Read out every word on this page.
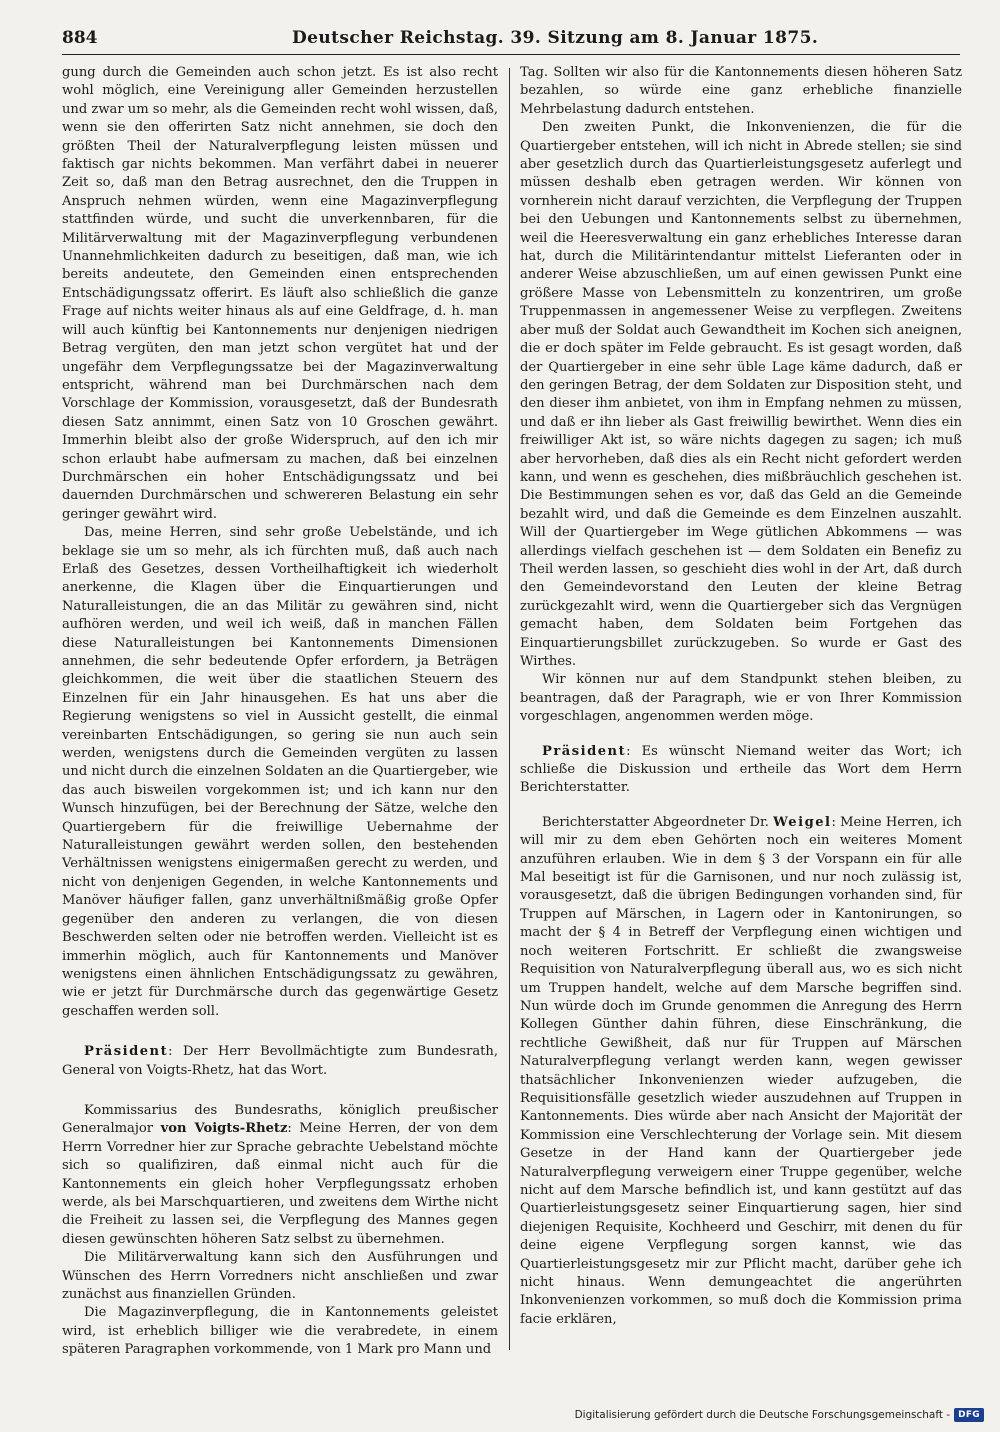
884	Deutscher Reichstag. 39. Sitzung am 8. Januar 1875.

gung durch die Gemeinden auch schon jetzt. Es ist also recht wohl möglich, eine Vereinigung aller Gemeinden herzustellen und zwar um so mehr, als die Gemeinden recht wohl wissen, daß, wenn sie den offerirten Satz nicht annehmen, sie doch den größten Theil der Naturalverpflegung leisten müssen und faktisch gar nichts bekommen. Man verfährt dabei in neuerer Zeit so, daß man den Betrag ausrechnet, den die Truppen in Anspruch nehmen würden, wenn eine Magazinverpflegung stattfinden würde, und sucht die unverkennbaren, für die Militärverwaltung mit der Magazinverpflegung verbundenen Unannehmlichkeiten dadurch zu beseitigen, daß man, wie ich bereits andeutete, den Gemeinden einen entsprechenden Entschädigungssatz offerirt. Es läuft also schließlich die ganze Frage auf nichts weiter hinaus als auf eine Geldfrage, d. h. man will auch künftig bei Kantonnements nur denjenigen niedrigen Betrag vergüten, den man jetzt schon vergütet hat und der ungefähr dem Verpflegungssatze bei der Magazinverwaltung entspricht, während man bei Durchmärschen nach dem Vorschlage der Kommission, vorausgesetzt, daß der Bundesrath diesen Satz annimmt, einen Satz von 10 Groschen gewährt. Immerhin bleibt also der große Widerspruch, auf den ich mir schon erlaubt habe aufmersam zu machen, daß bei einzelnen Durchmärschen ein hoher Entschädigungssatz und bei dauernden Durchmärschen und schwereren Belastung ein sehr geringer gewährt wird.

Das, meine Herren, sind sehr große Uebelstände, und ich beklage sie um so mehr, als ich fürchten muß, daß auch nach Erlaß des Gesetzes, dessen Vortheilhaftigkeit ich wiederholt anerkenne, die Klagen über die Einquartierungen und Naturalleistungen, die an das Militär zu gewähren sind, nicht aufhören werden, und weil ich weiß, daß in manchen Fällen diese Naturalleistungen bei Kantonnements Dimensionen annehmen, die sehr bedeutende Opfer erfordern, ja Beträgen gleichkommen, die weit über die staatlichen Steuern des Einzelnen für ein Jahr hinausgehen. Es hat uns aber die Regierung wenigstens so viel in Aussicht gestellt, die einmal vereinbarten Entschädigungen, so gering sie nun auch sein werden, wenigstens durch die Gemeinden vergüten zu lassen und nicht durch die einzelnen Soldaten an die Quartiergeber, wie das auch bisweilen vorgekommen ist; und ich kann nur den Wunsch hinzufügen, bei der Berechnung der Sätze, welche den Quartiergebern für die freiwillige Uebernahme der Naturalleistungen gewährt werden sollen, den bestehenden Verhältnissen wenigstens einigermaßen gerecht zu werden, und nicht von denjenigen Gegenden, in welche Kantonnements und Manöver häufiger fallen, ganz unverhältnißmäßig große Opfer gegenüber den anderen zu verlangen, die von diesen Beschwerden selten oder nie betroffen werden. Vielleicht ist es immerhin möglich, auch für Kantonnements und Manöver wenigstens einen ähnlichen Entschädigungssatz zu gewähren, wie er jetzt für Durchmärsche durch das gegenwärtige Gesetz geschaffen werden soll.

Präsident: Der Herr Bevollmächtigte zum Bundesrath, General von Voigts-Rhetz, hat das Wort.

Kommissarius des Bundesraths, königlich preußischer Generalmajor von Voigts-Rhetz: Meine Herren, der von dem Herrn Vorredner hier zur Sprache gebrachte Uebelstand möchte sich so qualifiziren, daß einmal nicht auch für die Kantonnements ein gleich hoher Verpflegungssatz erhoben werde, als bei Marschquartieren, und zweitens dem Wirthe nicht die Freiheit zu lassen sei, die Verpflegung des Mannes gegen diesen gewünschten höheren Satz selbst zu übernehmen.

Die Militärverwaltung kann sich den Ausführungen und Wünschen des Herrn Vorredners nicht anschließen und zwar zunächst aus finanziellen Gründen.

Die Magazinverpflegung, die in Kantonnements geleistet wird, ist erheblich billiger wie die verabredete, in einem späteren Paragraphen vorkommende, von 1 Mark pro Mann und

Tag. Sollten wir also für die Kantonnements diesen höheren Satz bezahlen, so würde eine ganz erhebliche finanzielle Mehrbelastung dadurch entstehen.

Den zweiten Punkt, die Inkonvenienzen, die für die Quartiergeber entstehen, will ich nicht in Abrede stellen; sie sind aber gesetzlich durch das Quartierleistungsgesetz auferlegt und müssen deshalb eben getragen werden. Wir können von vornherein nicht darauf verzichten, die Verpflegung der Truppen bei den Uebungen und Kantonnements selbst zu übernehmen, weil die Heeresverwaltung ein ganz erhebliches Interesse daran hat, durch die Militärintendantur mittelst Lieferanten oder in anderer Weise abzuschließen, um auf einen gewissen Punkt eine größere Masse von Lebensmitteln zu konzentriren, um große Truppenmassen in angemessener Weise zu verpflegen. Zweitens aber muß der Soldat auch Gewandtheit im Kochen sich aneignen, die er doch später im Felde gebraucht. Es ist gesagt worden, daß der Quartiergeber in eine sehr üble Lage käme dadurch, daß er den geringen Betrag, der dem Soldaten zur Disposition steht, und den dieser ihm anbietet, von ihm in Empfang nehmen zu müssen, und daß er ihn lieber als Gast freiwillig bewirthet. Wenn dies ein freiwilliger Akt ist, so wäre nichts dagegen zu sagen; ich muß aber hervorheben, daß dies als ein Recht nicht gefordert werden kann, und wenn es geschehen, dies mißbräuchlich geschehen ist. Die Bestimmungen sehen es vor, daß das Geld an die Gemeinde bezahlt wird, und daß die Gemeinde es dem Einzelnen auszahlt. Will der Quartiergeber im Wege gütlichen Abkommens — was allerdings vielfach geschehen ist — dem Soldaten ein Benefiz zu Theil werden lassen, so geschieht dies wohl in der Art, daß durch den Gemeindevorstand den Leuten der kleine Betrag zurückgezahlt wird, wenn die Quartiergeber sich das Vergnügen gemacht haben, dem Soldaten beim Fortgehen das Einquartierungsbillet zurückzugeben. So wurde er Gast des Wirthes.

Wir können nur auf dem Standpunkt stehen bleiben, zu beantragen, daß der Paragraph, wie er von Ihrer Kommission vorgeschlagen, angenommen werden möge.

Präsident: Es wünscht Niemand weiter das Wort; ich schließe die Diskussion und ertheile das Wort dem Herrn Berichterstatter.

Berichterstatter Abgeordneter Dr. Weigel: Meine Herren, ich will mir zu dem eben Gehörten noch ein weiteres Moment anzuführen erlauben. Wie in dem § 3 der Vorspann ein für alle Mal beseitigt ist für die Garnisonen, und nur noch zulässig ist, vorausgesetzt, daß die übrigen Bedingungen vorhanden sind, für Truppen auf Märschen, in Lagern oder in Kantonirungen, so macht der § 4 in Betreff der Verpflegung einen wichtigen und noch weiteren Fortschritt. Er schließt die zwangsweise Requisition von Naturalverpflegung überall aus, wo es sich nicht um Truppen handelt, welche auf dem Marsche begriffen sind. Nun würde doch im Grunde genommen die Anregung des Herrn Kollegen Günther dahin führen, diese Einschränkung, die rechtliche Gewißheit, daß nur für Truppen auf Märschen Naturalverpflegung verlangt werden kann, wegen gewisser thatsächlicher Inkonvenienzen wieder aufzugeben, die Requisitionsfälle gesetzlich wieder auszudehnen auf Truppen in Kantonnements. Dies würde aber nach Ansicht der Majorität der Kommission eine Verschlechterung der Vorlage sein. Mit diesem Gesetze in der Hand kann der Quartiergeber jede Naturalverpflegung verweigern einer Truppe gegenüber, welche nicht auf dem Marsche befindlich ist, und kann gestützt auf das Quartierleistungsgesetz seiner Einquartierung sagen, hier sind diejenigen Requisite, Kochheerd und Geschirr, mit denen du für deine eigene Verpflegung sorgen kannst, wie das Quartierleistungsgesetz mir zur Pflicht macht, darüber gehe ich nicht hinaus. Wenn demungeachtet die angerührten Inkonvenienzen vorkommen, so muß doch die Kommission prima facie erklären,

Digitalisierung gefördert durch die Deutsche Forschungsgemeinschaft - DFG
